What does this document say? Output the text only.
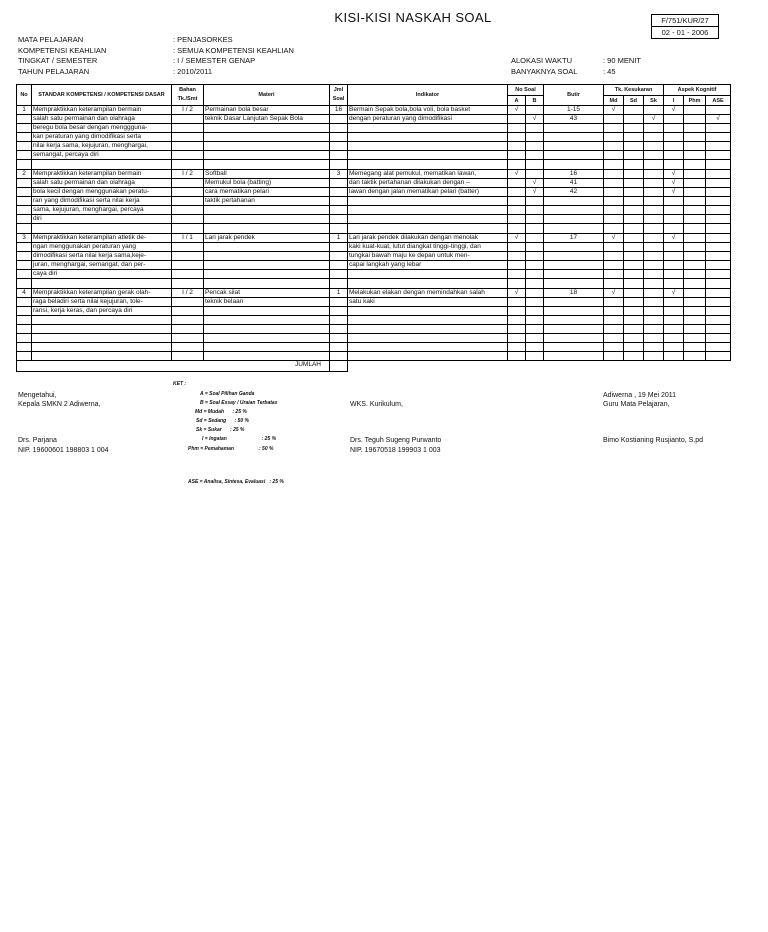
KISI-KISI NASKAH SOAL	F/751/KUR/27
02 - 01 - 2006
MATA PELAJARAN	: PENJASORKES
KOMPETENSI KEAHLIAN	: SEMUA KOMPETENSI KEAHLIAN
TINGKAT / SEMESTER	: I / SEMESTER GENAP	ALOKASI WAKTU	: 90 MENIT
TAHUN PELAJARAN	: 2010/2011	BANYAKNYA SOAL	: 45
No	STANDAR KOMPETENSI / KOMPETENSI DASAR	Bahan Tk./Smt	Materi	Jml Soal	Indikator	No Soal		Butir	Tk. Kesukaran			Aspek Kognitif		
						A	B		Md	Sd	Sk	I	Phm	ASE
1	Mempraktikkan keterampilan bermain	I / 2	Permainan bola besar	16	Bermain Sepak bola,bola voli, bola basket	√		1-15	√			√		
	salah satu permainan dan olahraga		teknik Dasar Lanjutan Sepak Bola		dengan peraturan yang dimodifikasi		√	43			√			√
	beregu bola besar dengan menggguna-													
	kan peraturan yang dimodifikasi serta													
	nilai kerja sama, kejujuran, menghargai,													
	semangat, percaya diri													

2	Mempraktikkan keterampilan bermain	I / 2	Softball	3	Memegang alat pemukul, mematikan lawan,	√		16				√		
	salah satu permainan dan olahraga		Memukul bola (batting)		dan taktik pertahanan dilakukan dengan –		√	41				√		
	bola kecil dengan menggunakan peratu-		cara mematikan pelari		lawan dengan jalan mematikan pelari (batter)		√	42				√		
	ran yang dimodifikasi serta nilai kerja		taktik pertahanan											
	sama, kejujuran, menghargai, percaya													
	diri													

3	Mempraktikkan keterampilan atletik de-	I / 1	Lari jarak pendek	1	Lari jarak pendek dilakukan dengan menolak	√		17	√			√		
	ngan menggunakan peraturan yang				kaki kuat-kuat, lutut diangkat tinggi-tinggi, dan									
	dimodifikasi serta nilai kerja sama,keje-				tungkai bawah maju ke depan untuk men-									
	juran, menghargai, semangat, dan per-				capai langkah yang lebar									
	caya diri													

4	Mempraktikkan keterampilan gerak olah-	I / 2	Pencak silat	1	Melakukan elakan dengan memindahkan salah	√		18	√			√		
	raga beladiri serta nilai kejujuran, tole-		teknik belaan		satu kaki									
	ransi, kerja keras, dan percaya diri													

JUMLAH														
KET :
A = Soal Pilihan Ganda
B = Soal Essay / Uraian Terbatas
Md = Mudah      : 25 %
Sd = Sedang      : 50 %
Sk = Sukar      : 25 %
I = Ingatan                         : 25 %
Phm = Pemahaman                  : 50 %
ASE = Analisa, Sintesa, Evaluasi   : 25 %
Mengetahui,
Kepala SMKN 2 Adiwerna,
Drs. Parjana
NIP. 19600601 198803 1 004
WKS. Kurikulum,
Drs. Teguh Sugeng Purwanto
NIP. 19670518 199903 1 003
Adiwerna , 19 Mei 2011
Guru Mata Pelajaran,
Bimo Kostianing Rusjianto, S.pd
